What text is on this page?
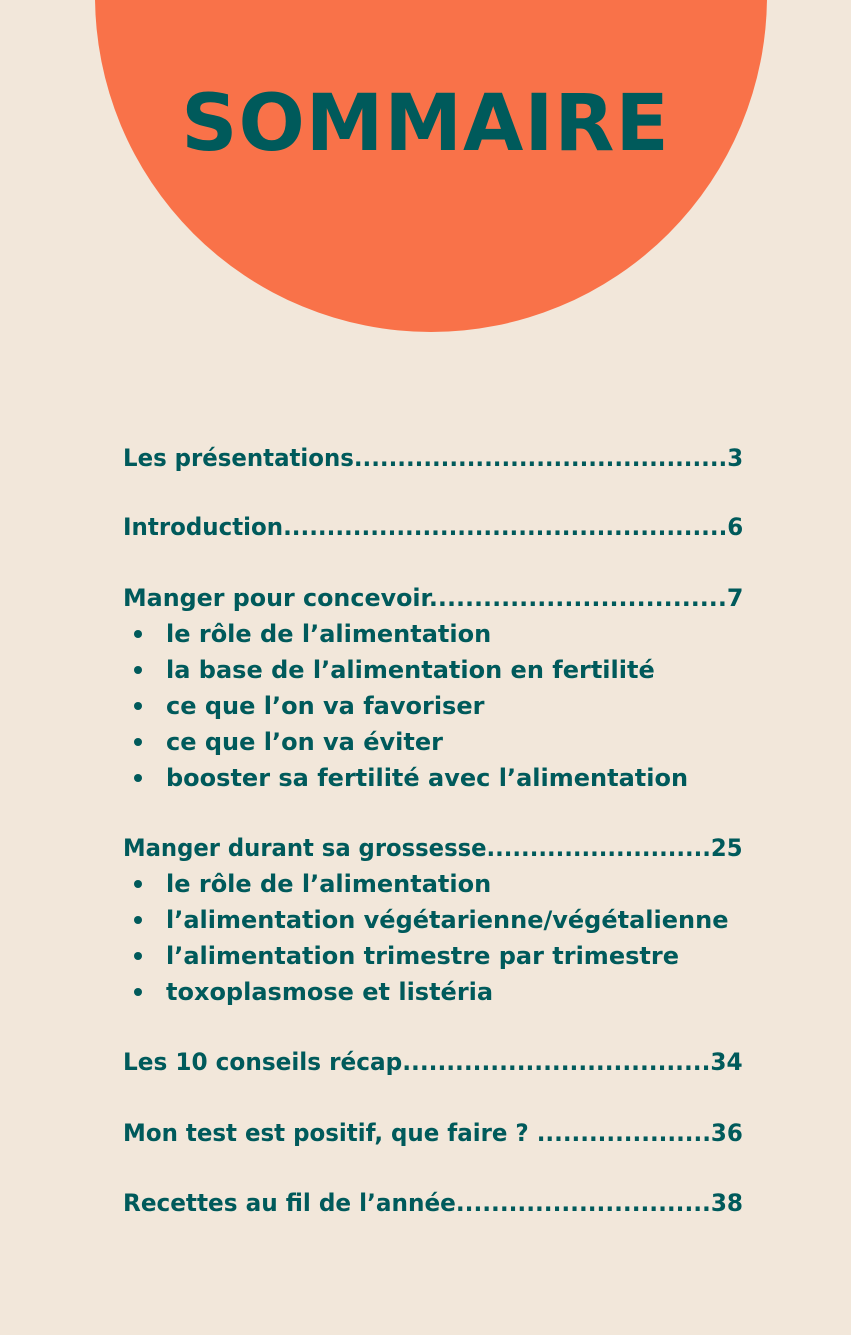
SOMMAIRE
Les présentations...........................................3
Introduction...................................................6
Manger pour concevoir.................................7
le rôle de l’alimentation
la base de l’alimentation en fertilité
ce que l’on va favoriser
ce que l’on va éviter
booster sa fertilité avec l’alimentation
Manger durant sa grossesse..........................25
le rôle de l’alimentation
l’alimentation végétarienne/végétalienne
l’alimentation trimestre par trimestre
toxoplasmose et listéria
Les 10 conseils récap...................................34
Mon test est positif, que faire ? ....................36
Recettes au fil de l’année.............................38
